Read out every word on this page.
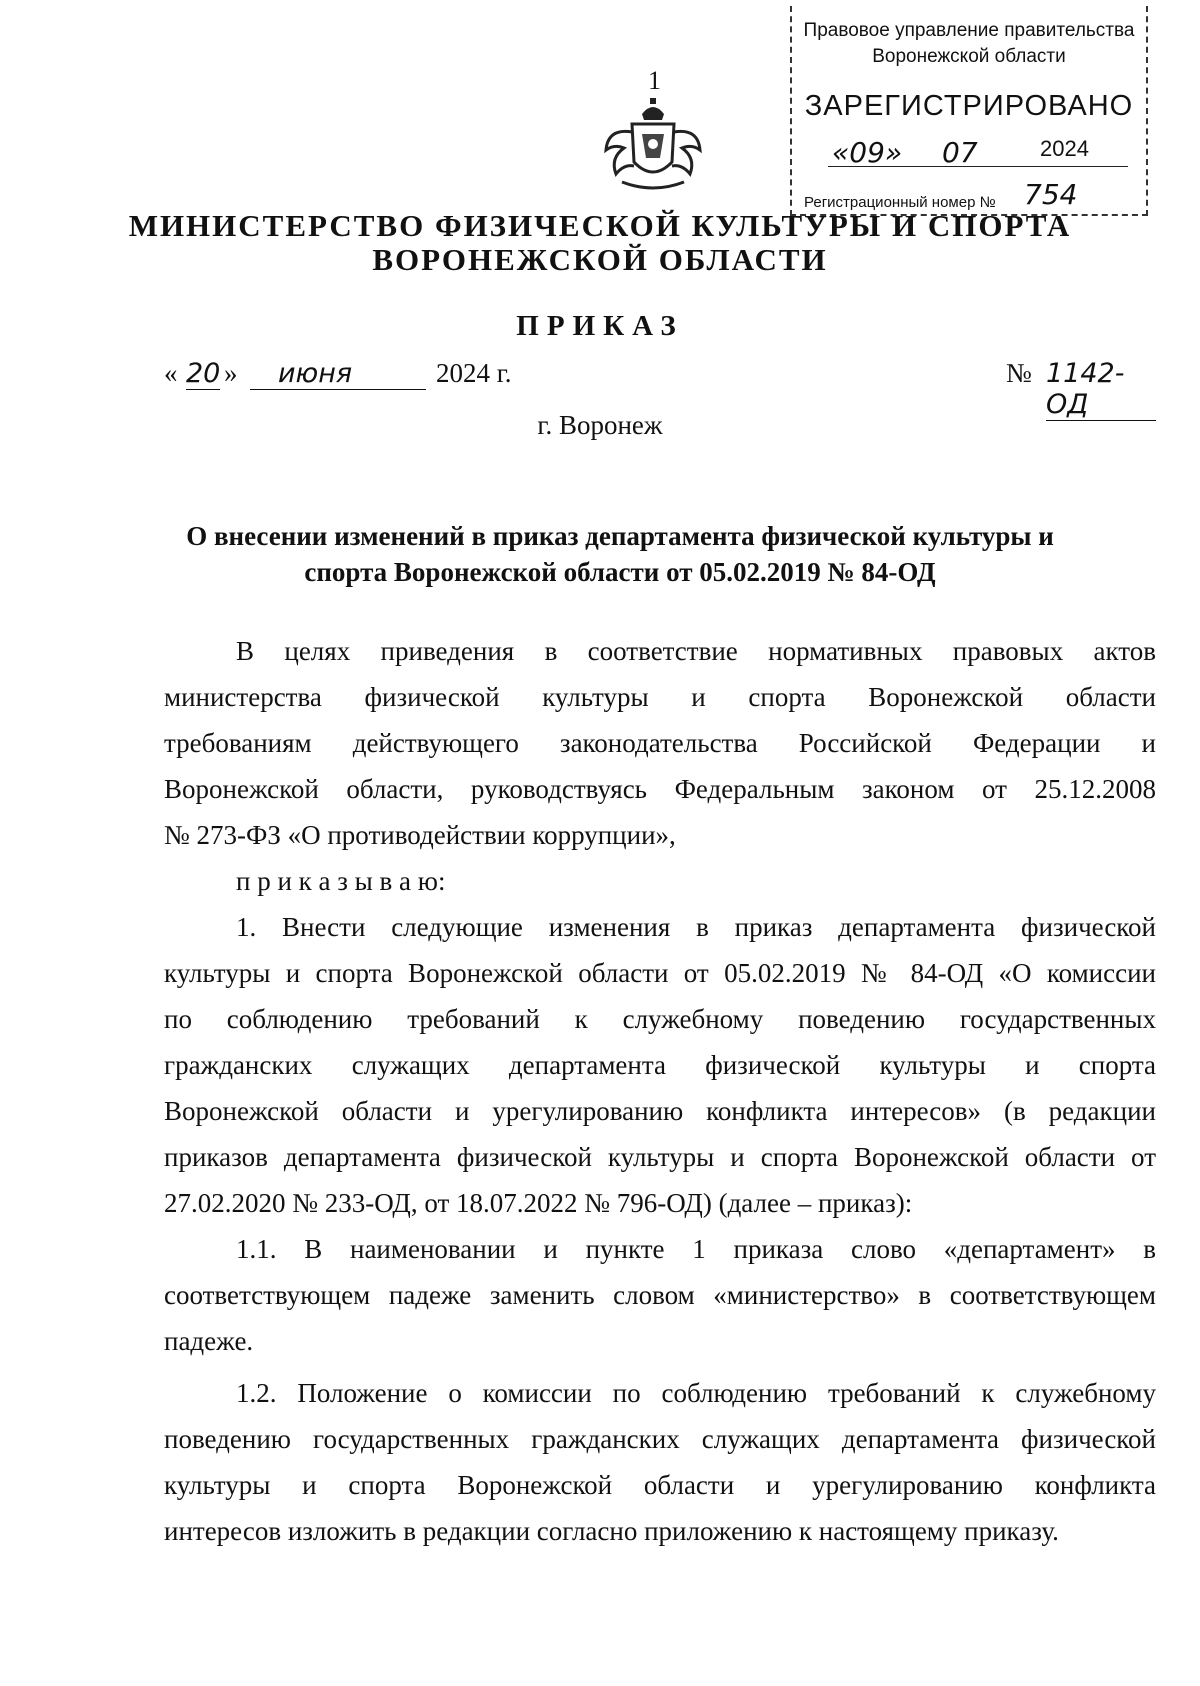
1
Правовое управление правительства
Воронежской области
ЗАРЕГИСТРИРОВАНО
«09» 07	2024
Регистрационный номер № 754
МИНИСТЕРСТВО ФИЗИЧЕСКОЙ КУЛЬТУРЫ И СПОРТА
ВОРОНЕЖСКОЙ ОБЛАСТИ
ПРИКАЗ
« 20 »	июня	2024 г.	№ 1142-ОД
г. Воронеж
О внесении изменений в приказ департамента физической культуры и
спорта Воронежской области от 05.02.2019 № 84-ОД
В целях приведения в соответствие нормативных правовых актов
министерства физической культуры и спорта Воронежской области
требованиям действующего законодательства Российской Федерации и
Воронежской области, руководствуясь Федеральным законом от 25.12.2008
№ 273-ФЗ «О противодействии коррупции»,
п р и к а з ы в а ю:
1. Внести следующие изменения в приказ департамента физической
культуры и спорта Воронежской области от 05.02.2019 № 84-ОД «О комиссии
по соблюдению требований к служебному поведению государственных
гражданских служащих департамента физической культуры и спорта
Воронежской области и урегулированию конфликта интересов» (в редакции
приказов департамента физической культуры и спорта Воронежской области от
27.02.2020 № 233-ОД, от 18.07.2022 № 796-ОД) (далее – приказ):
1.1. В наименовании и пункте 1 приказа слово «департамент» в
соответствующем падеже заменить словом «министерство» в соответствующем
падеже.
1.2. Положение о комиссии по соблюдению требований к служебному
поведению государственных гражданских служащих департамента физической
культуры и спорта Воронежской области и урегулированию конфликта
интересов изложить в редакции согласно приложению к настоящему приказу.
